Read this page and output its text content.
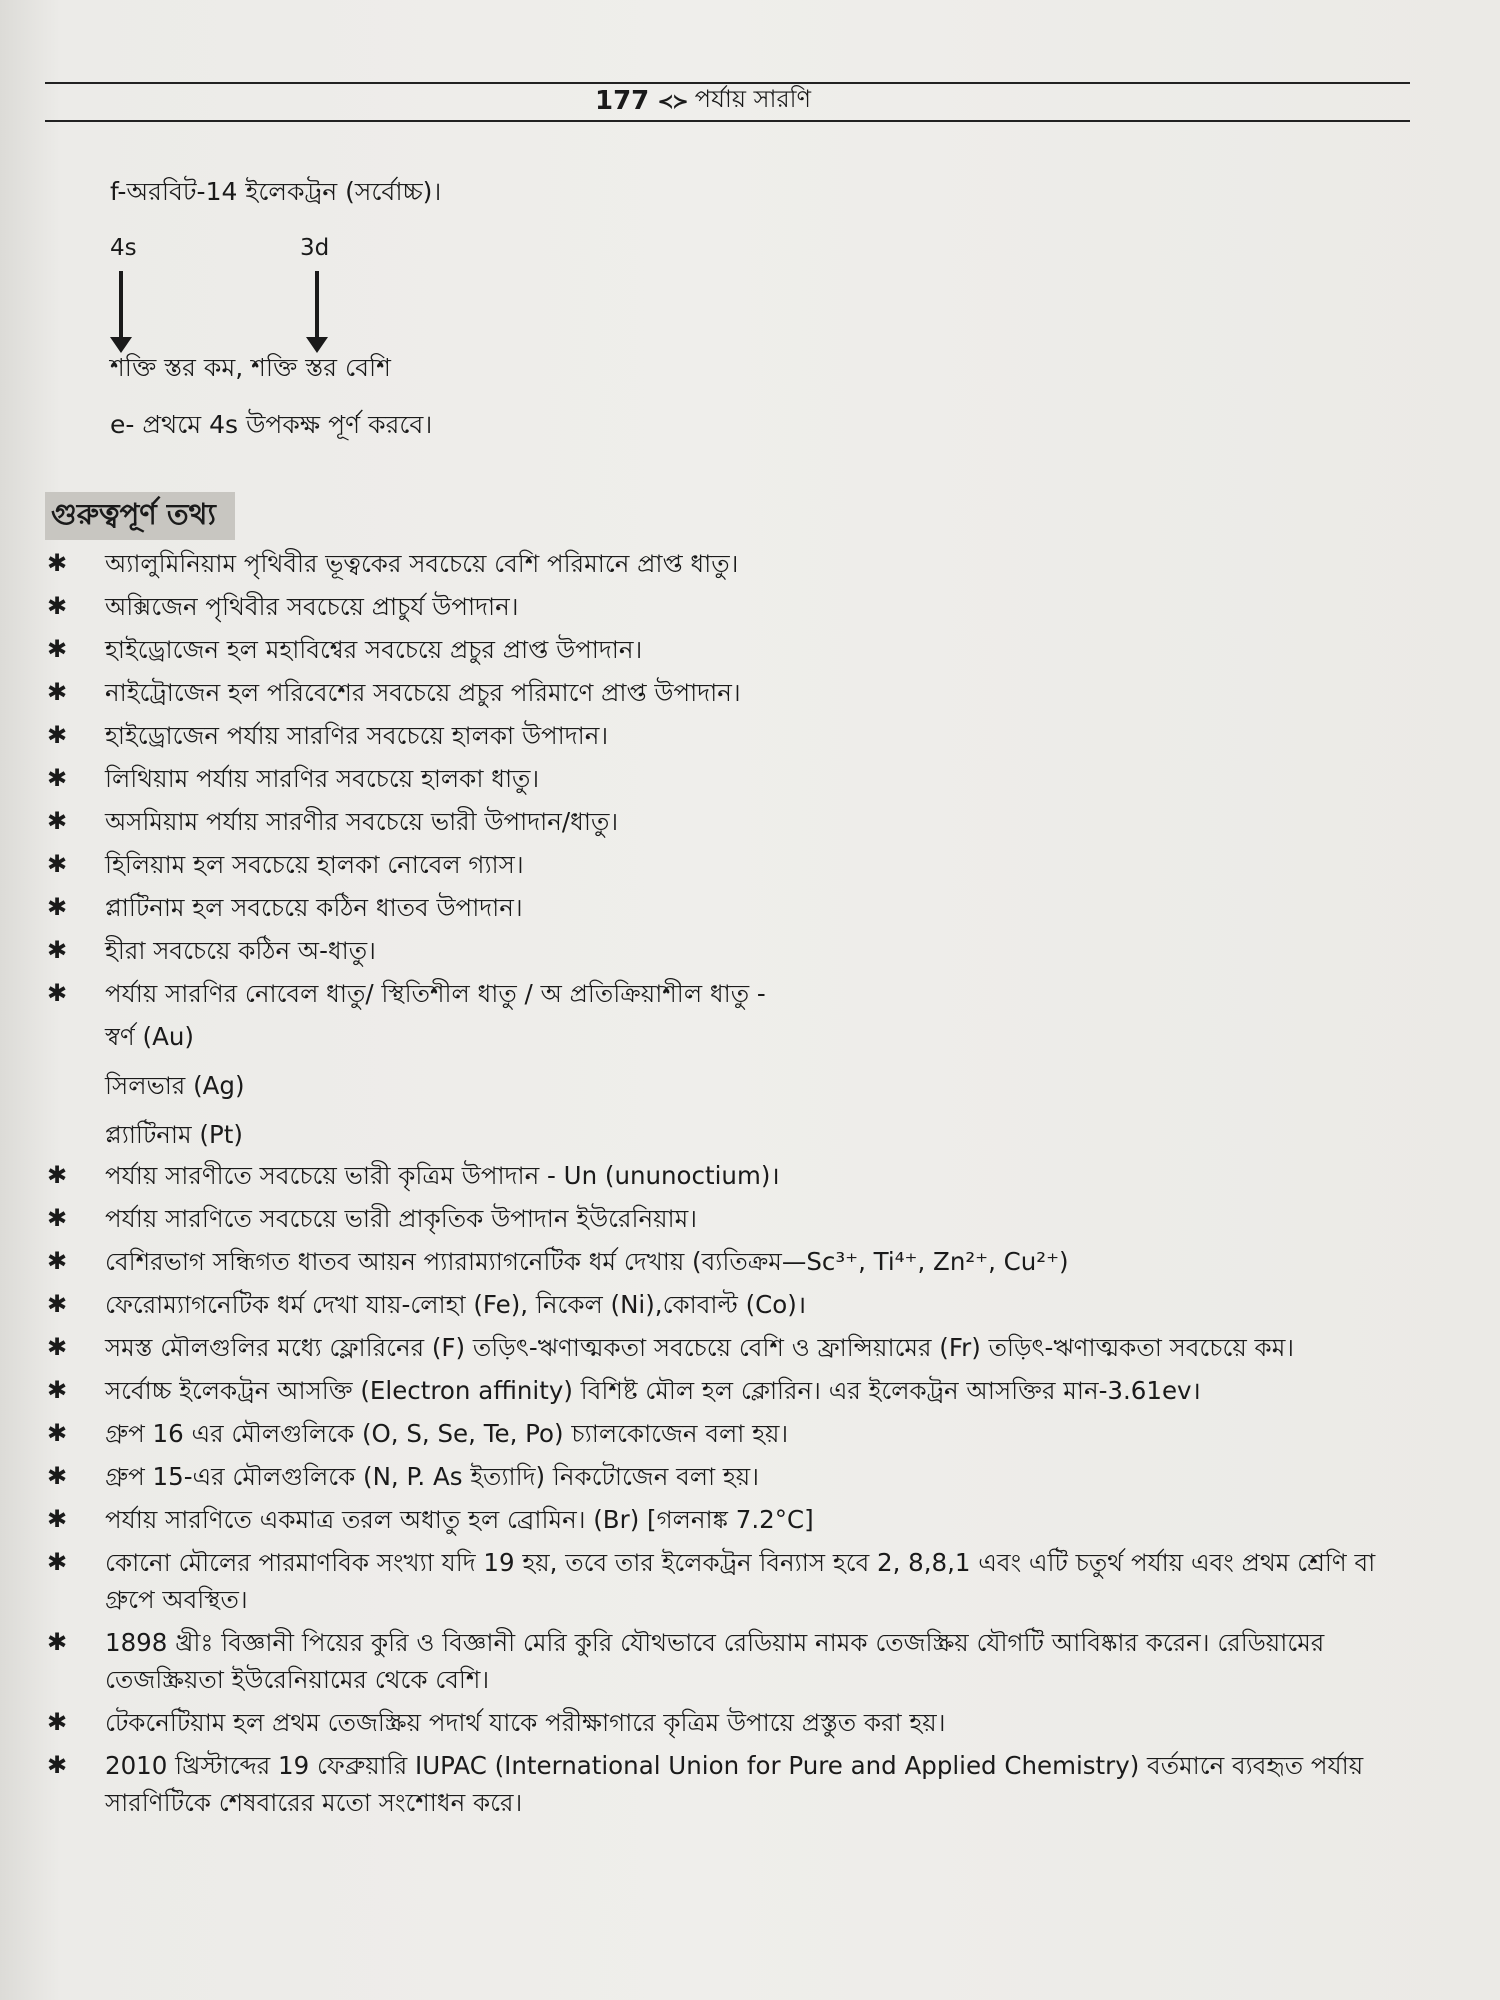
177 ≺≻ পর্যায় সারণি
f-অরবিট-14 ইলেকট্রন (সর্বোচ্চ)।
4s	3d
শক্তি স্তর কম, শক্তি স্তর বেশি
e- প্রথমে 4s উপকক্ষ পূর্ণ করবে।
গুরুত্বপূর্ণ তথ্য
✱ অ্যালুমিনিয়াম পৃথিবীর ভূত্বকের সবচেয়ে বেশি পরিমানে প্রাপ্ত ধাতু।
✱ অক্সিজেন পৃথিবীর সবচেয়ে প্রাচুর্য উপাদান।
✱ হাইড্রোজেন হল মহাবিশ্বের সবচেয়ে প্রচুর প্রাপ্ত উপাদান।
✱ নাইট্রোজেন হল পরিবেশের সবচেয়ে প্রচুর পরিমাণে প্রাপ্ত উপাদান।
✱ হাইড্রোজেন পর্যায় সারণির সবচেয়ে হালকা উপাদান।
✱ লিথিয়াম পর্যায় সারণির সবচেয়ে হালকা ধাতু।
✱ অসমিয়াম পর্যায় সারণীর সবচেয়ে ভারী উপাদান/ধাতু।
✱ হিলিয়াম হল সবচেয়ে হালকা নোবেল গ্যাস।
✱ প্লাটিনাম হল সবচেয়ে কঠিন ধাতব উপাদান।
✱ হীরা সবচেয়ে কঠিন অ-ধাতু।
✱ পর্যায় সারণির নোবেল ধাতু/ স্থিতিশীল ধাতু / অ প্রতিক্রিয়াশীল ধাতু -
স্বর্ণ (Au)
সিলভার (Ag)
প্ল্যাটিনাম (Pt)
✱ পর্যায় সারণীতে সবচেয়ে ভারী কৃত্রিম উপাদান - Un (ununoctium)।
✱ পর্যায় সারণিতে সবচেয়ে ভারী প্রাকৃতিক উপাদান ইউরেনিয়াম।
✱ বেশিরভাগ সন্ধিগত ধাতব আয়ন প্যারাম্যাগনেটিক ধর্ম দেখায় (ব্যতিক্রম—Sc³⁺, Ti⁴⁺, Zn²⁺, Cu²⁺)
✱ ফেরোম্যাগনেটিক ধর্ম দেখা যায়-লোহা (Fe), নিকেল (Ni),কোবাল্ট (Co)।
✱ সমস্ত মৌলগুলির মধ্যে ফ্লোরিনের (F) তড়িৎ-ঋণাত্মকতা সবচেয়ে বেশি ও ফ্রান্সিয়ামের (Fr) তড়িৎ-ঋণাত্মকতা সবচেয়ে কম।
✱ সর্বোচ্চ ইলেকট্রন আসক্তি (Electron affinity) বিশিষ্ট মৌল হল ক্লোরিন। এর ইলেকট্রন আসক্তির মান-3.61ev।
✱ গ্রুপ 16 এর মৌলগুলিকে (O, S, Se, Te, Po) চ্যালকোজেন বলা হয়।
✱ গ্রুপ 15-এর মৌলগুলিকে (N, P. As ইত্যাদি) নিকটোজেন বলা হয়।
✱ পর্যায় সারণিতে একমাত্র তরল অধাতু হল ব্রোমিন। (Br) [গলনাঙ্ক 7.2°C]
✱ কোনো মৌলের পারমাণবিক সংখ্যা যদি 19 হয়, তবে তার ইলেকট্রন বিন্যাস হবে 2, 8,8,1 এবং এটি চতুর্থ পর্যায় এবং প্রথম শ্রেণি বা গ্রুপে অবস্থিত।
✱ 1898 খ্রীঃ বিজ্ঞানী পিয়ের কুরি ও বিজ্ঞানী মেরি কুরি যৌথভাবে রেডিয়াম নামক তেজস্ক্রিয় যৌগটি আবিষ্কার করেন। রেডিয়ামের তেজস্ক্রিয়তা ইউরেনিয়ামের থেকে বেশি।
✱ টেকনেটিয়াম হল প্রথম তেজস্ক্রিয় পদার্থ যাকে পরীক্ষাগারে কৃত্রিম উপায়ে প্রস্তুত করা হয়।
✱ 2010 খ্রিস্টাব্দের 19 ফেব্রুয়ারি IUPAC (International Union for Pure and Applied Chemistry) বর্তমানে ব্যবহৃত পর্যায় সারণিটিকে শেষবারের মতো সংশোধন করে।
